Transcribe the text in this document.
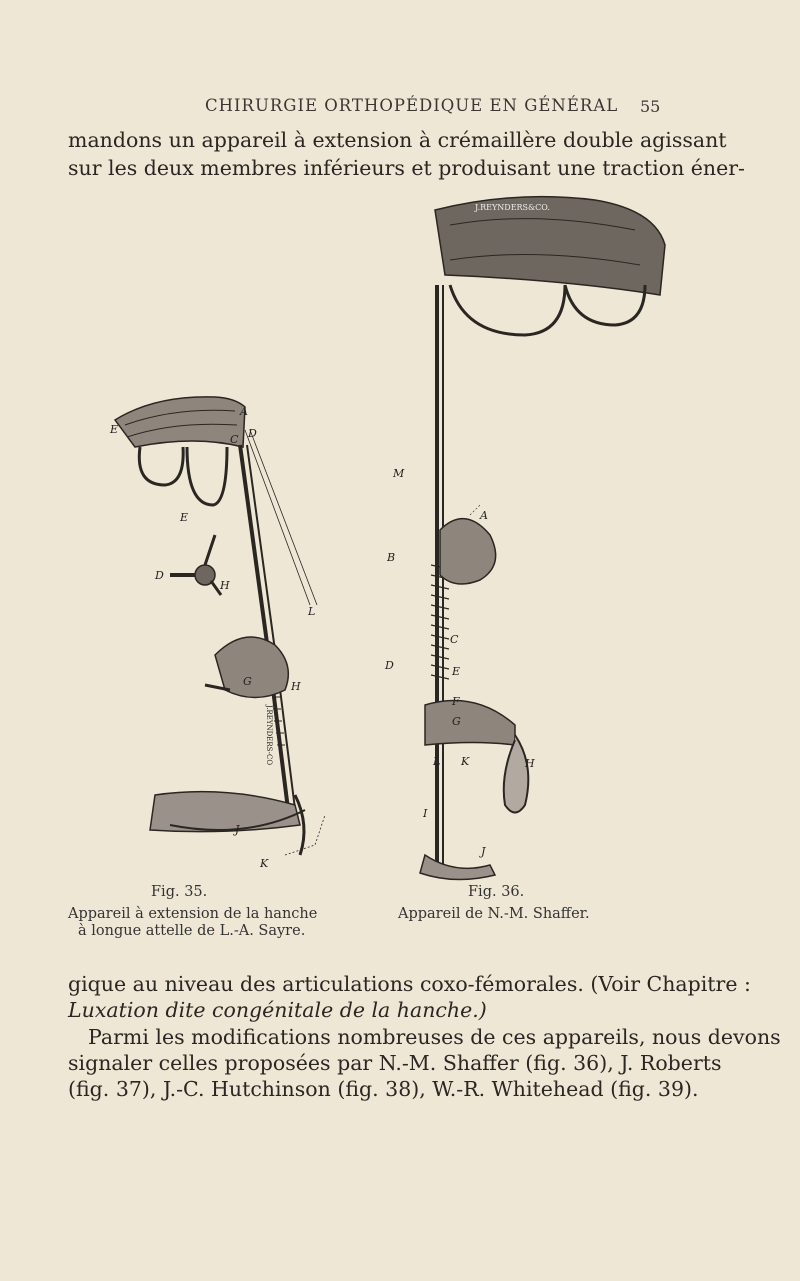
CHIRURGIE ORTHOPÉDIQUE EN GÉNÉRAL 55
mandons un appareil à extension à crémaillère double agissant
sur les deux membres inférieurs et produisant une traction éner-
E
A
D
C
E
D
H
L
H
G
J
K
J.REYNDERS-CO
J.REYNDERS&CO.
M
A
B
C
D	E
F
G
H
L K
I
J
Fig. 35.	Fig. 36.
Appareil à extension de la hanche
à longue attelle de L.-A. Sayre.
Appareil de N.-M. Shaffer.
gique au niveau des articulations coxo-fémorales. (Voir Chapitre :
Luxation dite congénitale de la hanche.)
Parmi les modifications nombreuses de ces appareils, nous devons
signaler celles proposées par N.-M. Shaffer (fig. 36), J. Roberts
(fig. 37), J.-C. Hutchinson (fig. 38), W.-R. Whitehead (fig. 39).
